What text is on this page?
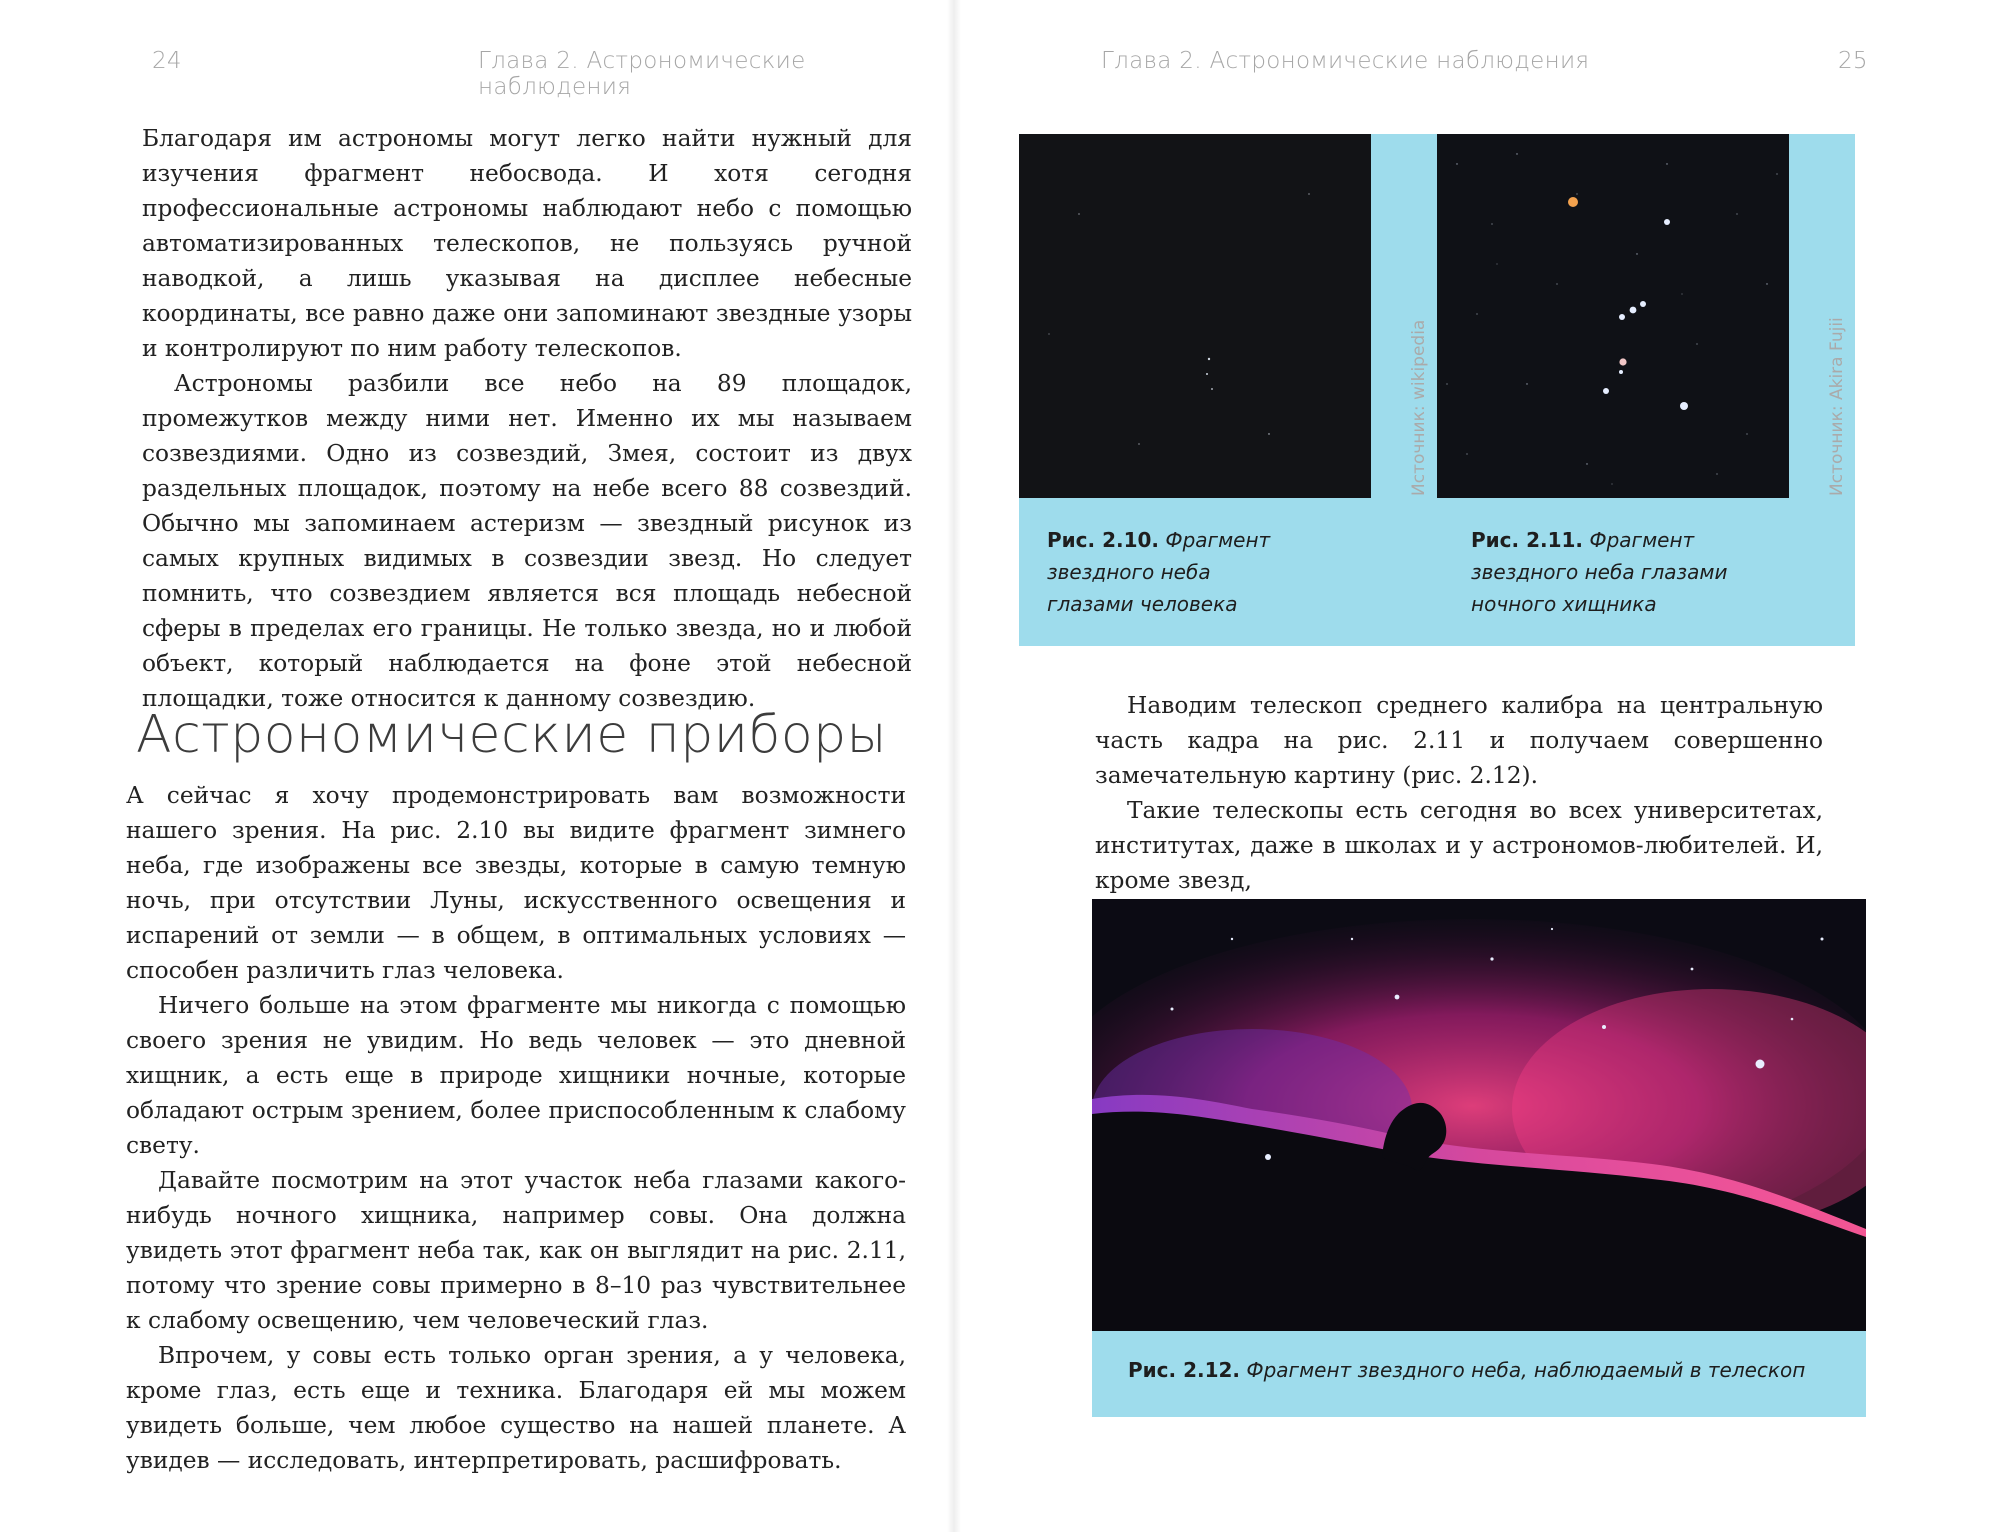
24	Глава 2. Астрономические наблюдения

Благодаря им астрономы могут легко найти нужный для изучения фрагмент небосвода. И хотя сегодня профессиональные астрономы наблюдают небо с помощью автоматизированных телескопов, не пользуясь ручной наводкой, а лишь указывая на дисплее небесные координаты, все равно даже они запоминают звездные узоры и контролируют по ним работу телескопов.

Астрономы разбили все небо на 89 площадок, промежутков между ними нет. Именно их мы называем созвездиями. Одно из созвездий, Змея, состоит из двух раздельных площадок, поэтому на небе всего 88 созвездий. Обычно мы запоминаем астеризм — звездный рисунок из самых крупных видимых в созвездии звезд. Но следует помнить, что созвездием является вся площадь небесной сферы в пределах его границы. Не только звезда, но и любой объект, который наблюдается на фоне этой небесной площадки, тоже относится к данному созвездию.

Астрономические приборы

А сейчас я хочу продемонстрировать вам возможности нашего зрения. На рис. 2.10 вы видите фрагмент зимнего неба, где изображены все звезды, которые в самую темную ночь, при отсутствии Луны, искусственного освещения и испарений от земли — в общем, в оптимальных условиях — способен различить глаз человека.

Ничего больше на этом фрагменте мы никогда с помощью своего зрения не увидим. Но ведь человек — это дневной хищник, а есть еще в природе хищники ночные, которые обладают острым зрением, более приспособленным к слабому свету.

Давайте посмотрим на этот участок неба глазами какого-нибудь ночного хищника, например совы. Она должна увидеть этот фрагмент неба так, как он выглядит на рис. 2.11, потому что зрение совы примерно в 8–10 раз чувствительнее к слабому освещению, чем человеческий глаз.

Впрочем, у совы есть только орган зрения, а у человека, кроме глаз, есть еще и техника. Благодаря ей мы можем увидеть больше, чем любое существо на нашей планете. А увидев — исследовать, интерпретировать, расшифровать.

Глава 2. Астрономические наблюдения	25
Источник: wikipedia
Рис. 2.10. Фрагмент
звездного неба
глазами человека
Источник: Akira Fujii
Рис. 2.11. Фрагмент
звездного неба глазами
ночного хищника

Наводим телескоп среднего калибра на центральную часть кадра на рис. 2.11 и получаем совершенно замечательную картину (рис. 2.12).

Такие телескопы есть сегодня во всех университетах, институтах, даже в школах и у астрономов-любителей. И, кроме звезд,

Рис. 2.12. Фрагмент звездного неба, наблюдаемый в телескоп
